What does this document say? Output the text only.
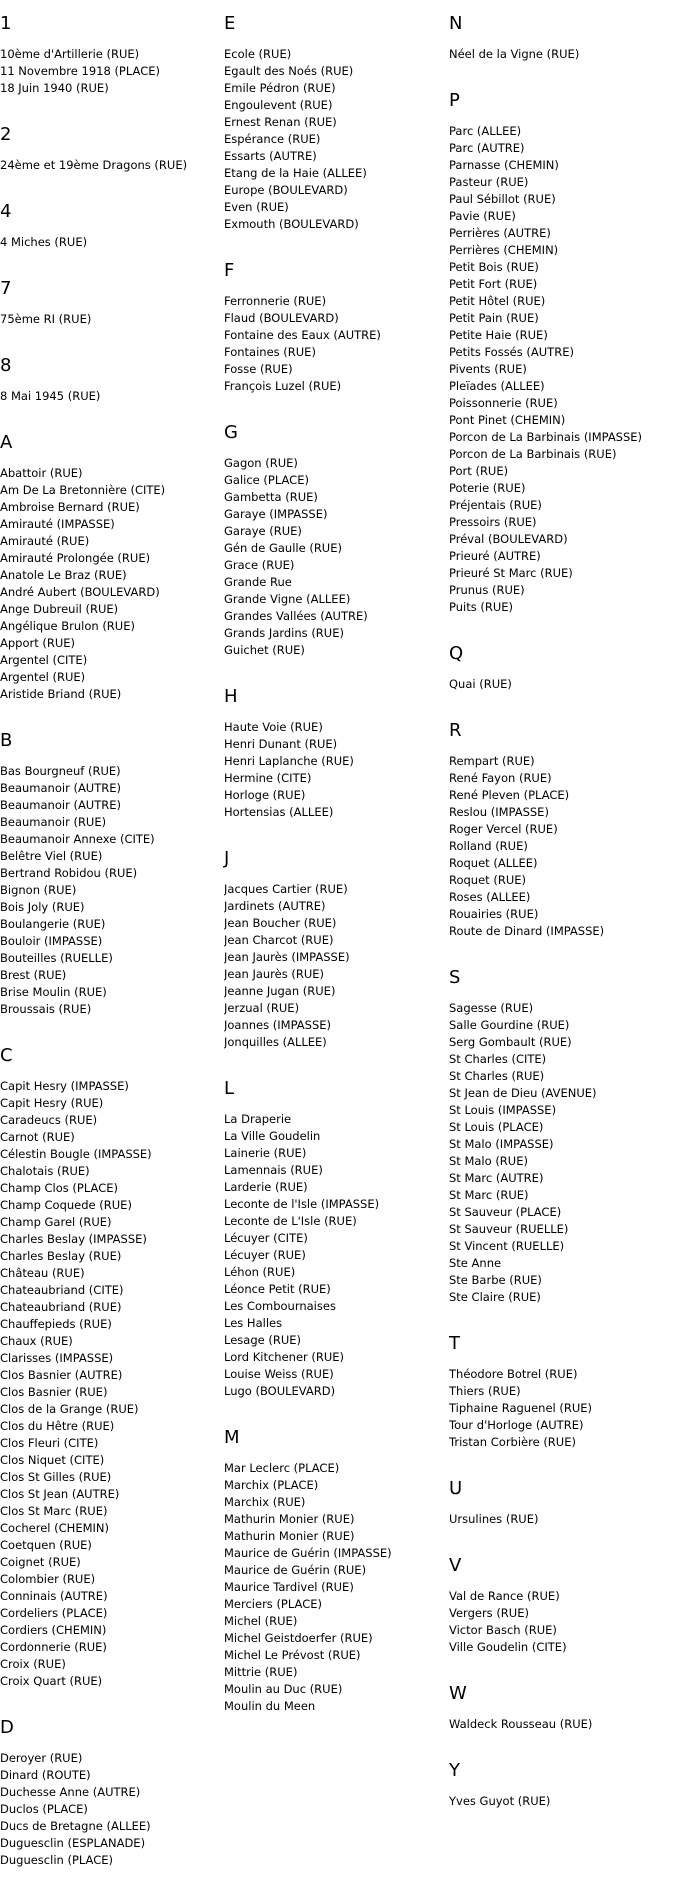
1
10ème d'Artillerie (RUE)
11 Novembre 1918 (PLACE)
18 Juin 1940 (RUE)
2
24ème et 19ème Dragons (RUE)
4
4 Miches (RUE)
7
75ème RI (RUE)
8
8 Mai 1945 (RUE)
A
Abattoir (RUE)
Am De La Bretonnière (CITE)
Ambroise Bernard (RUE)
Amirauté (IMPASSE)
Amirauté (RUE)
Amirauté Prolongée (RUE)
Anatole Le Braz (RUE)
André Aubert (BOULEVARD)
Ange Dubreuil (RUE)
Angélique Brulon (RUE)
Apport (RUE)
Argentel (CITE)
Argentel (RUE)
Aristide Briand (RUE)
B
Bas Bourgneuf (RUE)
Beaumanoir (AUTRE)
Beaumanoir (AUTRE)
Beaumanoir (RUE)
Beaumanoir Annexe (CITE)
Belêtre Viel (RUE)
Bertrand Robidou (RUE)
Bignon (RUE)
Bois Joly (RUE)
Boulangerie (RUE)
Bouloir (IMPASSE)
Bouteilles (RUELLE)
Brest (RUE)
Brise Moulin (RUE)
Broussais (RUE)
C
Capit Hesry (IMPASSE)
Capit Hesry (RUE)
Caradeucs (RUE)
Carnot (RUE)
Célestin Bougle (IMPASSE)
Chalotais (RUE)
Champ Clos (PLACE)
Champ Coquede (RUE)
Champ Garel (RUE)
Charles Beslay (IMPASSE)
Charles Beslay (RUE)
Château (RUE)
Chateaubriand (CITE)
Chateaubriand (RUE)
Chauffepieds (RUE)
Chaux (RUE)
Clarisses (IMPASSE)
Clos Basnier (AUTRE)
Clos Basnier (RUE)
Clos de la Grange (RUE)
Clos du Hêtre (RUE)
Clos Fleuri (CITE)
Clos Niquet (CITE)
Clos St Gilles (RUE)
Clos St Jean (AUTRE)
Clos St Marc (RUE)
Cocherel (CHEMIN)
Coetquen (RUE)
Coignet (RUE)
Colombier (RUE)
Conninais (AUTRE)
Cordeliers (PLACE)
Cordiers (CHEMIN)
Cordonnerie (RUE)
Croix (RUE)
Croix Quart (RUE)
D
Deroyer (RUE)
Dinard (ROUTE)
Duchesse Anne (AUTRE)
Duclos (PLACE)
Ducs de Bretagne (ALLEE)
Duguesclin (ESPLANADE)
Duguesclin (PLACE)
E
Ecole (RUE)
Egault des Noés (RUE)
Emile Pédron (RUE)
Engoulevent (RUE)
Ernest Renan (RUE)
Espérance (RUE)
Essarts (AUTRE)
Etang de la Haie (ALLEE)
Europe (BOULEVARD)
Even (RUE)
Exmouth (BOULEVARD)
F
Ferronnerie (RUE)
Flaud (BOULEVARD)
Fontaine des Eaux (AUTRE)
Fontaines (RUE)
Fosse (RUE)
François Luzel (RUE)
G
Gagon (RUE)
Galice (PLACE)
Gambetta (RUE)
Garaye (IMPASSE)
Garaye (RUE)
Gén de Gaulle (RUE)
Grace (RUE)
Grande Rue
Grande Vigne (ALLEE)
Grandes Vallées (AUTRE)
Grands Jardins (RUE)
Guichet (RUE)
H
Haute Voie (RUE)
Henri Dunant (RUE)
Henri Laplanche (RUE)
Hermine (CITE)
Horloge (RUE)
Hortensias (ALLEE)
J
Jacques Cartier (RUE)
Jardinets (AUTRE)
Jean Boucher (RUE)
Jean Charcot (RUE)
Jean Jaurès (IMPASSE)
Jean Jaurès (RUE)
Jeanne Jugan (RUE)
Jerzual (RUE)
Joannes (IMPASSE)
Jonquilles (ALLEE)
L
La Draperie
La Ville Goudelin
Lainerie (RUE)
Lamennais (RUE)
Larderie (RUE)
Leconte de l'Isle (IMPASSE)
Leconte de L'Isle (RUE)
Lécuyer (CITE)
Lécuyer (RUE)
Léhon (RUE)
Léonce Petit (RUE)
Les Combournaises
Les Halles
Lesage (RUE)
Lord Kitchener (RUE)
Louise Weiss (RUE)
Lugo (BOULEVARD)
M
Mar Leclerc (PLACE)
Marchix (PLACE)
Marchix (RUE)
Mathurin Monier (RUE)
Mathurin Monier (RUE)
Maurice de Guérin (IMPASSE)
Maurice de Guérin (RUE)
Maurice Tardivel (RUE)
Merciers (PLACE)
Michel (RUE)
Michel Geistdoerfer (RUE)
Michel Le Prévost (RUE)
Mittrie (RUE)
Moulin au Duc (RUE)
Moulin du Meen
N
Néel de la Vigne (RUE)
P
Parc (ALLEE)
Parc (AUTRE)
Parnasse (CHEMIN)
Pasteur (RUE)
Paul Sébillot (RUE)
Pavie (RUE)
Perrières (AUTRE)
Perrières (CHEMIN)
Petit Bois (RUE)
Petit Fort (RUE)
Petit Hôtel (RUE)
Petit Pain (RUE)
Petite Haie (RUE)
Petits Fossés (AUTRE)
Pivents (RUE)
Pleïades (ALLEE)
Poissonnerie (RUE)
Pont Pinet (CHEMIN)
Porcon de La Barbinais (IMPASSE)
Porcon de La Barbinais (RUE)
Port (RUE)
Poterie (RUE)
Préjentais (RUE)
Pressoirs (RUE)
Préval (BOULEVARD)
Prieuré (AUTRE)
Prieuré St Marc (RUE)
Prunus (RUE)
Puits (RUE)
Q
Quai (RUE)
R
Rempart (RUE)
René Fayon (RUE)
René Pleven (PLACE)
Reslou (IMPASSE)
Roger Vercel (RUE)
Rolland (RUE)
Roquet (ALLEE)
Roquet (RUE)
Roses (ALLEE)
Rouairies (RUE)
Route de Dinard (IMPASSE)
S
Sagesse (RUE)
Salle Gourdine (RUE)
Serg Gombault (RUE)
St Charles (CITE)
St Charles (RUE)
St Jean de Dieu (AVENUE)
St Louis (IMPASSE)
St Louis (PLACE)
St Malo (IMPASSE)
St Malo (RUE)
St Marc (AUTRE)
St Marc (RUE)
St Sauveur (PLACE)
St Sauveur (RUELLE)
St Vincent (RUELLE)
Ste Anne
Ste Barbe (RUE)
Ste Claire (RUE)
T
Théodore Botrel (RUE)
Thiers (RUE)
Tiphaine Raguenel (RUE)
Tour d'Horloge (AUTRE)
Tristan Corbière (RUE)
U
Ursulines (RUE)
V
Val de Rance (RUE)
Vergers (RUE)
Victor Basch (RUE)
Ville Goudelin (CITE)
W
Waldeck Rousseau (RUE)
Y
Yves Guyot (RUE)
